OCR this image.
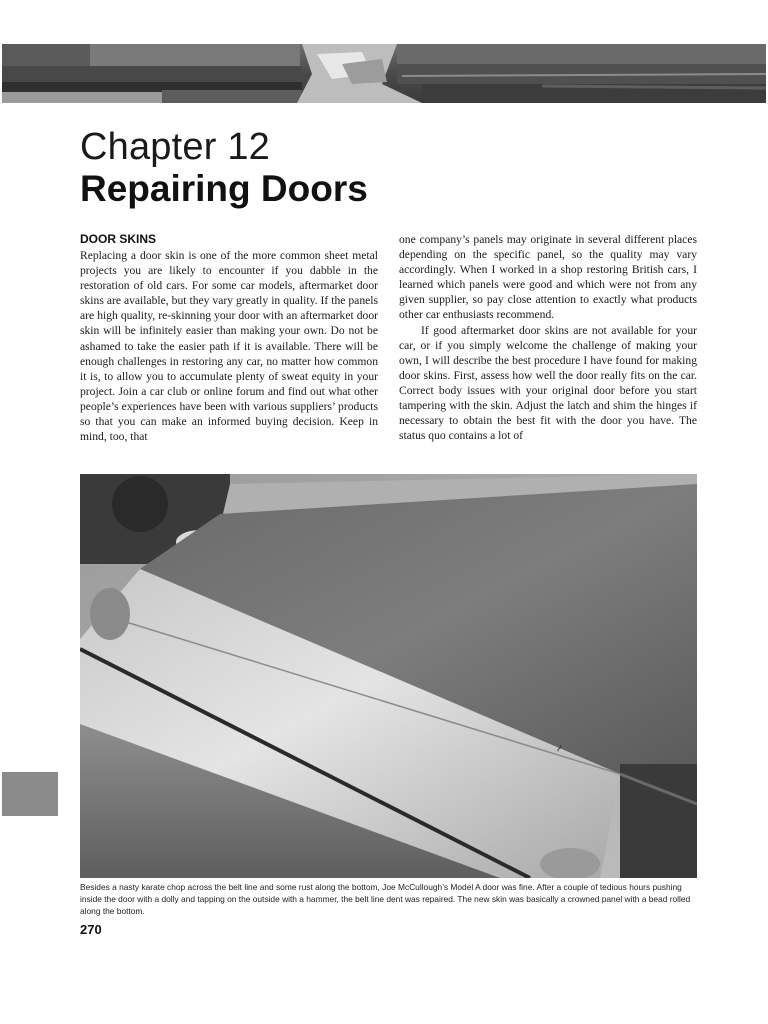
Chapter 12
Repairing Doors
DOOR SKINS

Replacing a door skin is one of the more common sheet metal projects you are likely to encounter if you dabble in the restoration of old cars. For some car models, aftermarket door skins are available, but they vary greatly in quality. If the panels are high quality, re-skinning your door with an aftermarket door skin will be infinitely easier than making your own. Do not be ashamed to take the easier path if it is available. There will be enough challenges in restoring any car, no matter how common it is, to allow you to accumulate plenty of sweat equity in your project. Join a car club or online forum and find out what other people’s experiences have been with various suppliers’ products so that you can make an informed buying decision. Keep in mind, too, that

one company’s panels may originate in several different places depending on the specific panel, so the quality may vary accordingly. When I worked in a shop restoring British cars, I learned which panels were good and which were not from any given supplier, so pay close attention to exactly what products other car enthusiasts recommend.

If good aftermarket door skins are not available for your car, or if you simply welcome the challenge of making your own, I will describe the best procedure I have found for making door skins. First, assess how well the door really fits on the car. Correct body issues with your original door before you start tampering with the skin. Adjust the latch and shim the hinges if necessary to obtain the best fit with the door you have. The status quo contains a lot of

~
Besides a nasty karate chop across the belt line and some rust along the bottom, Joe McCullough’s Model A door was fine. After a couple of tedious hours pushing inside the door with a dolly and tapping on the outside with a hammer, the belt line dent was repaired. The new skin was basically a crowned panel with a bead rolled along the bottom.
270
